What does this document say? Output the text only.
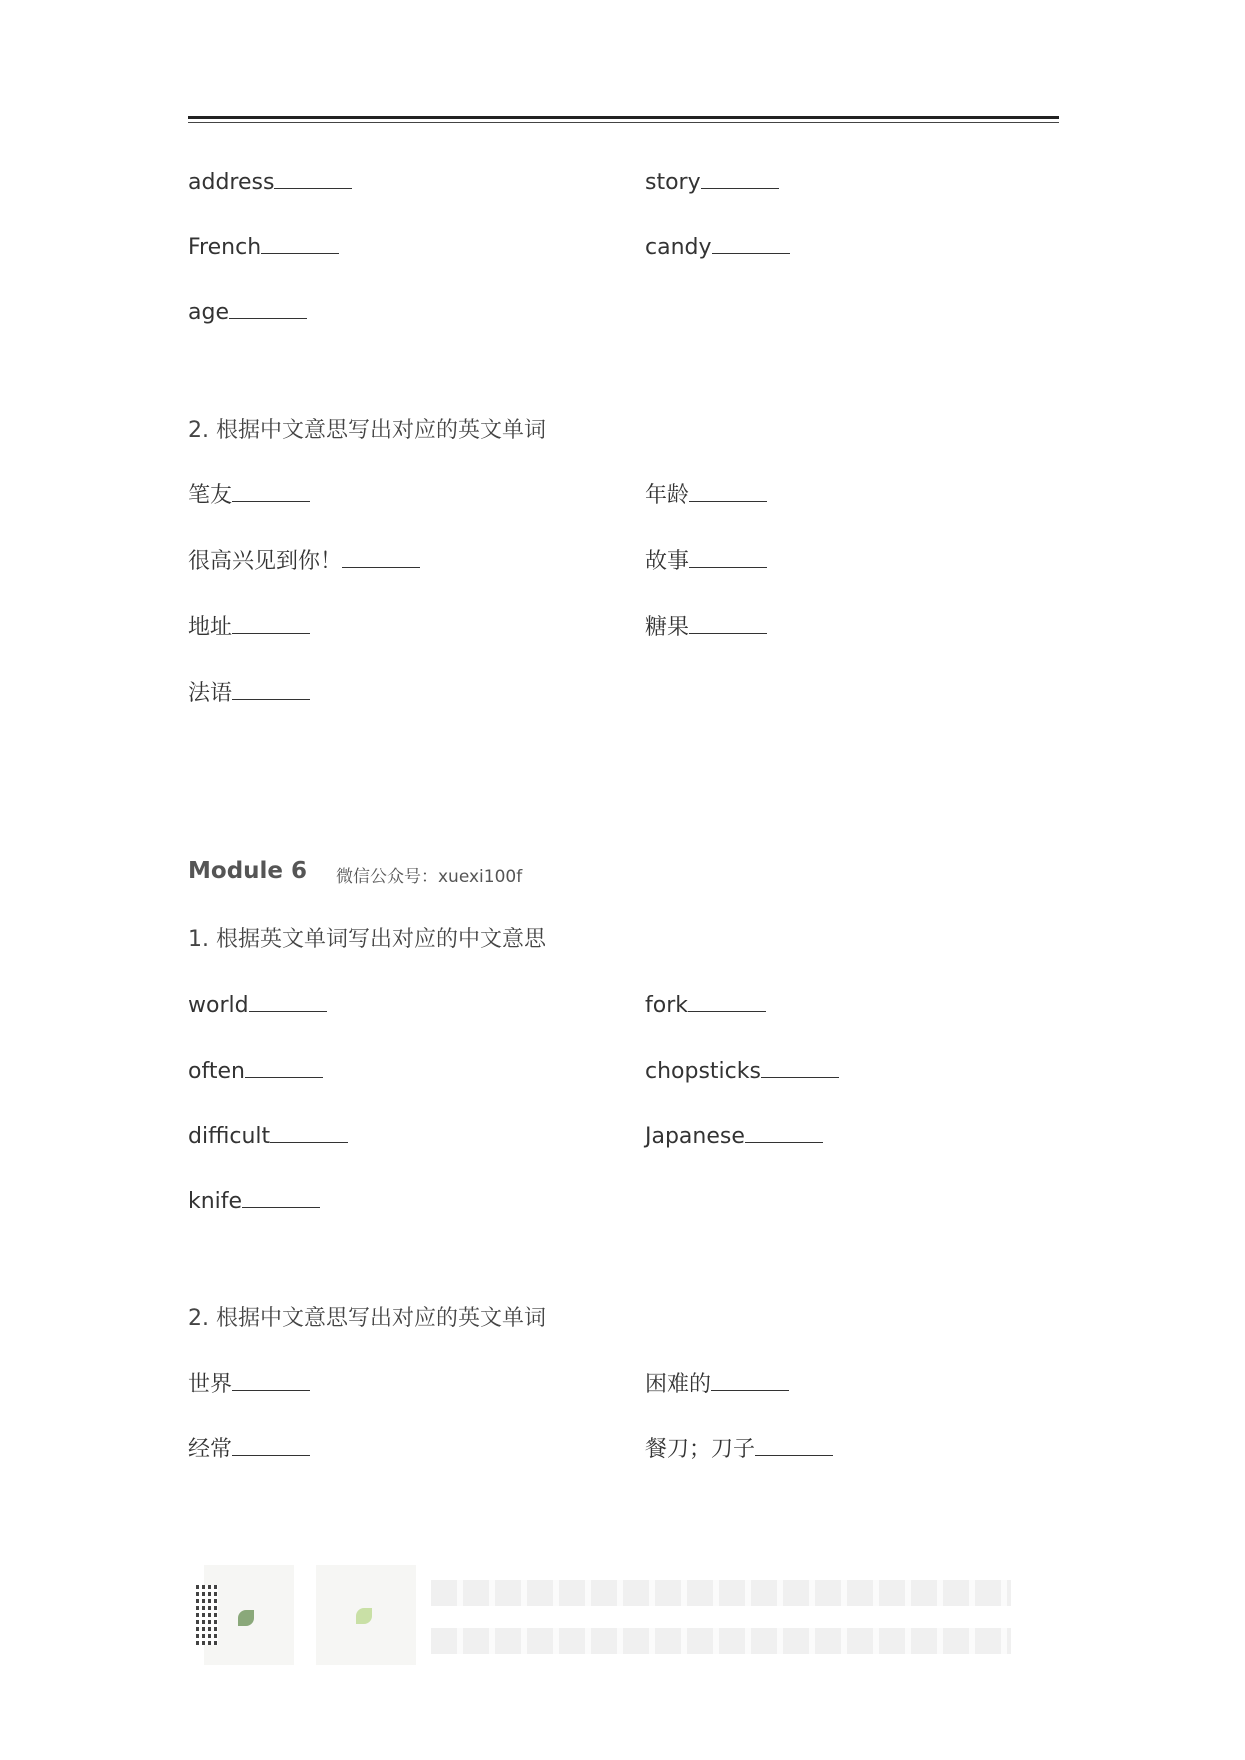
address
French
age
story
candy
2. 根据中文意思写出对应的英文单词
笔友
很高兴见到你！
地址
法语
年龄
故事
糖果
Module 6 微信公众号：xuexi100f
1. 根据英文单词写出对应的中文意思
world
often
difficult
knife
fork
chopsticks
Japanese
2. 根据中文意思写出对应的英文单词
世界
经常
困难的
餐刀；刀子
